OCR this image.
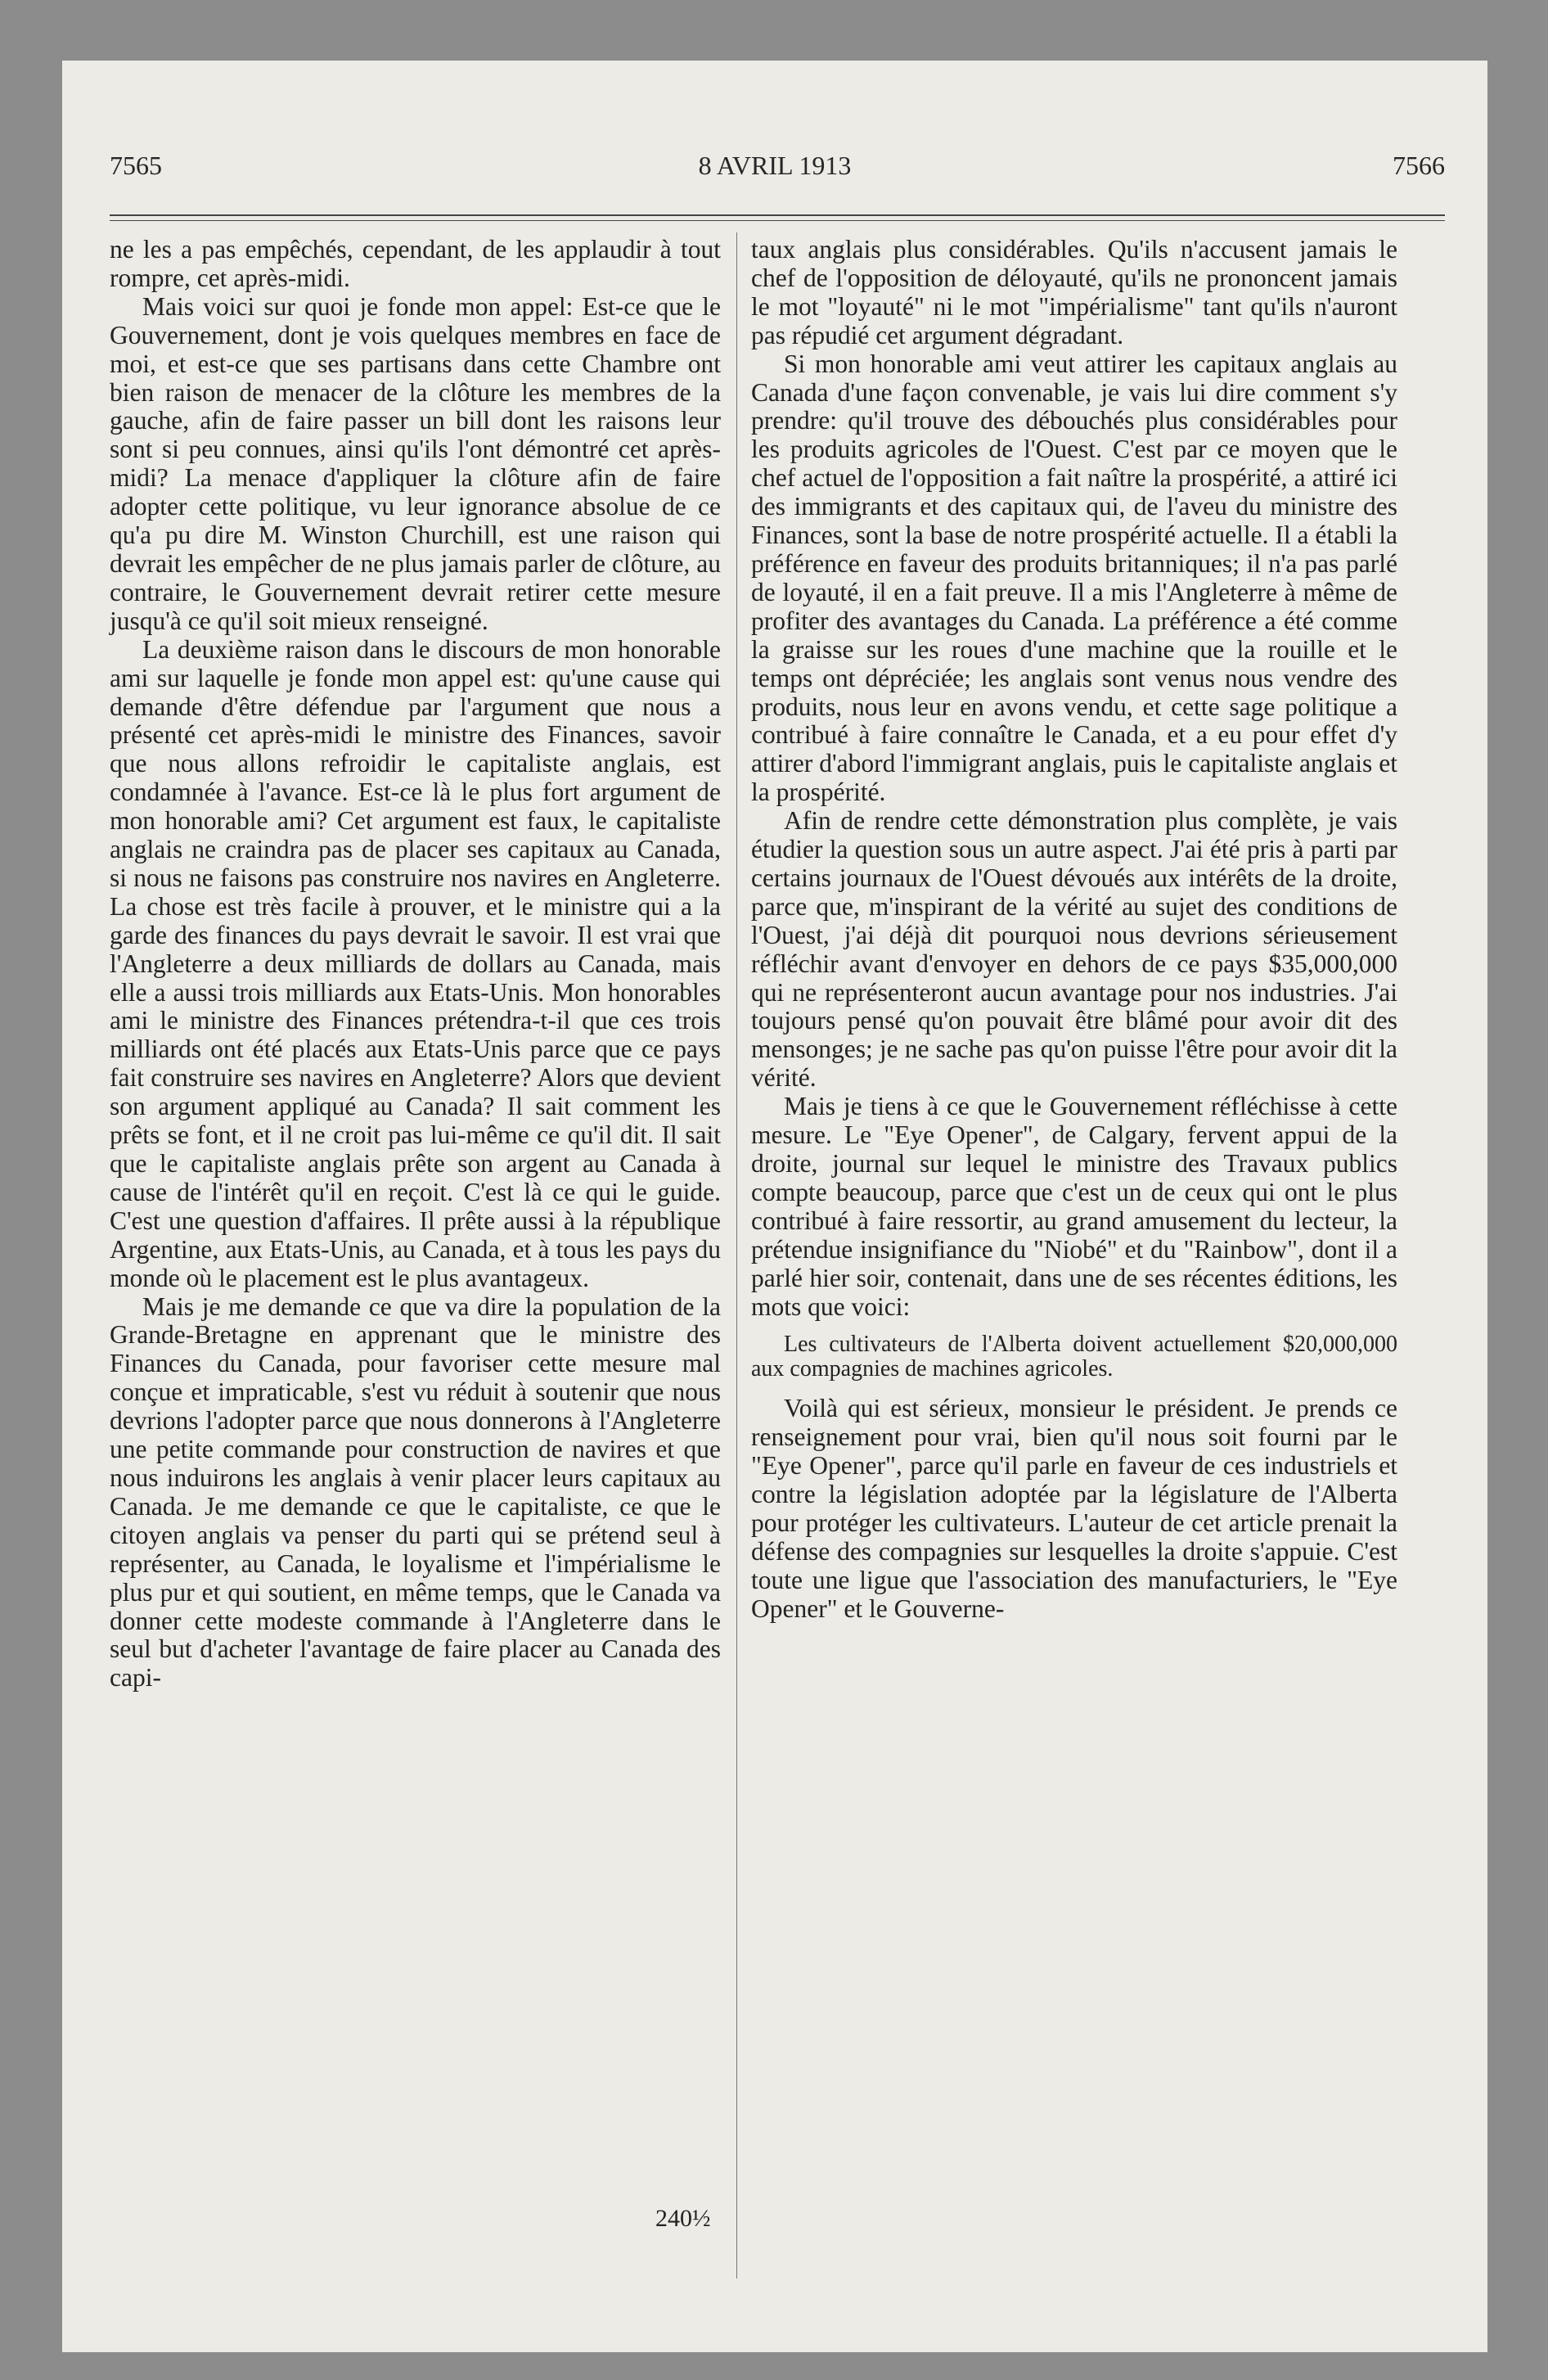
7565	8 AVRIL 1913	7566

ne les a pas empêchés, cependant, de les applaudir à tout rompre, cet après-midi.

Mais voici sur quoi je fonde mon appel: Est-ce que le Gouvernement, dont je vois quelques membres en face de moi, et est-ce que ses partisans dans cette Chambre ont bien raison de menacer de la clôture les membres de la gauche, afin de faire passer un bill dont les raisons leur sont si peu connues, ainsi qu'ils l'ont démontré cet après-midi? La menace d'appliquer la clôture afin de faire adopter cette politique, vu leur ignorance absolue de ce qu'a pu dire M. Winston Churchill, est une raison qui devrait les empêcher de ne plus jamais parler de clôture, au contraire, le Gouvernement devrait retirer cette mesure jusqu'à ce qu'il soit mieux renseigné.

La deuxième raison dans le discours de mon honorable ami sur laquelle je fonde mon appel est: qu'une cause qui demande d'être défendue par l'argument que nous a présenté cet après-midi le ministre des Finances, savoir que nous allons refroidir le capitaliste anglais, est condamnée à l'avance. Est-ce là le plus fort argument de mon honorable ami? Cet argument est faux, le capitaliste anglais ne craindra pas de placer ses capitaux au Canada, si nous ne faisons pas construire nos navires en Angleterre. La chose est très facile à prouver, et le ministre qui a la garde des finances du pays devrait le savoir. Il est vrai que l'Angleterre a deux milliards de dollars au Canada, mais elle a aussi trois milliards aux Etats-Unis. Mon honorables ami le ministre des Finances prétendra-t-il que ces trois milliards ont été placés aux Etats-Unis parce que ce pays fait construire ses navires en Angleterre? Alors que devient son argument appliqué au Canada? Il sait comment les prêts se font, et il ne croit pas lui-même ce qu'il dit. Il sait que le capitaliste anglais prête son argent au Canada à cause de l'intérêt qu'il en reçoit. C'est là ce qui le guide. C'est une question d'affaires. Il prête aussi à la république Argentine, aux Etats-Unis, au Canada, et à tous les pays du monde où le placement est le plus avantageux.

Mais je me demande ce que va dire la population de la Grande-Bretagne en apprenant que le ministre des Finances du Canada, pour favoriser cette mesure mal conçue et impraticable, s'est vu réduit à soutenir que nous devrions l'adopter parce que nous donnerons à l'Angleterre une petite commande pour construction de navires et que nous induirons les anglais à venir placer leurs capitaux au Canada. Je me demande ce que le capitaliste, ce que le citoyen anglais va penser du parti qui se prétend seul à représenter, au Canada, le loyalisme et l'impérialisme le plus pur et qui soutient, en même temps, que le Canada va donner cette modeste commande à l'Angleterre dans le seul but d'acheter l'avantage de faire placer au Canada des capi-

taux anglais plus considérables. Qu'ils n'accusent jamais le chef de l'opposition de déloyauté, qu'ils ne prononcent jamais le mot "loyauté" ni le mot "impérialisme" tant qu'ils n'auront pas répudié cet argument dégradant.

Si mon honorable ami veut attirer les capitaux anglais au Canada d'une façon convenable, je vais lui dire comment s'y prendre: qu'il trouve des débouchés plus considérables pour les produits agricoles de l'Ouest. C'est par ce moyen que le chef actuel de l'opposition a fait naître la prospérité, a attiré ici des immigrants et des capitaux qui, de l'aveu du ministre des Finances, sont la base de notre prospérité actuelle. Il a établi la préférence en faveur des produits britanniques; il n'a pas parlé de loyauté, il en a fait preuve. Il a mis l'Angleterre à même de profiter des avantages du Canada. La préférence a été comme la graisse sur les roues d'une machine que la rouille et le temps ont dépréciée; les anglais sont venus nous vendre des produits, nous leur en avons vendu, et cette sage politique a contribué à faire connaître le Canada, et a eu pour effet d'y attirer d'abord l'immigrant anglais, puis le capitaliste anglais et la prospérité.

Afin de rendre cette démonstration plus complète, je vais étudier la question sous un autre aspect. J'ai été pris à parti par certains journaux de l'Ouest dévoués aux intérêts de la droite, parce que, m'inspirant de la vérité au sujet des conditions de l'Ouest, j'ai déjà dit pourquoi nous devrions sérieusement réfléchir avant d'envoyer en dehors de ce pays $35,000,000 qui ne représenteront aucun avantage pour nos industries. J'ai toujours pensé qu'on pouvait être blâmé pour avoir dit des mensonges; je ne sache pas qu'on puisse l'être pour avoir dit la vérité.

Mais je tiens à ce que le Gouvernement réfléchisse à cette mesure. Le "Eye Opener", de Calgary, fervent appui de la droite, journal sur lequel le ministre des Travaux publics compte beaucoup, parce que c'est un de ceux qui ont le plus contribué à faire ressortir, au grand amusement du lecteur, la prétendue insignifiance du "Niobé" et du "Rainbow", dont il a parlé hier soir, contenait, dans une de ses récentes éditions, les mots que voici:

Les cultivateurs de l'Alberta doivent actuellement $20,000,000 aux compagnies de machines agricoles.

Voilà qui est sérieux, monsieur le président. Je prends ce renseignement pour vrai, bien qu'il nous soit fourni par le "Eye Opener", parce qu'il parle en faveur de ces industriels et contre la législation adoptée par la législature de l'Alberta pour protéger les cultivateurs. L'auteur de cet article prenait la défense des compagnies sur lesquelles la droite s'appuie. C'est toute une ligue que l'association des manufacturiers, le "Eye Opener" et le Gouverne-

240½
